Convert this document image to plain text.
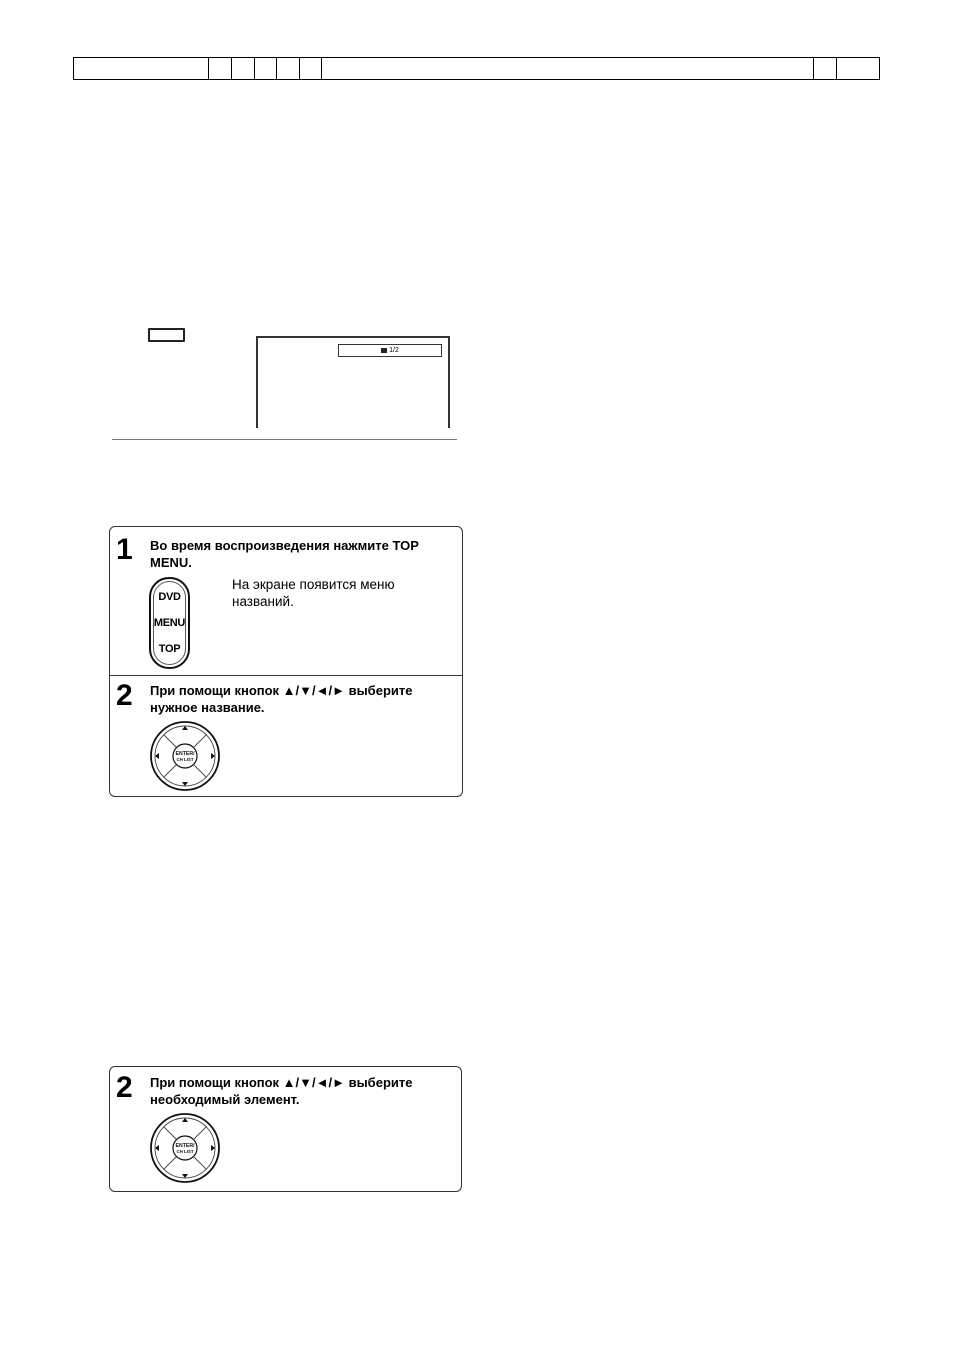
1/2
1 Во время воспроизведения нажмите TOP MENU.
DVD
MENU
TOP
На экране появится меню названий.
2 При помощи кнопок ▲/▼/◄/► выберите нужное название.
ENTER/
CH LIST
2 При помощи кнопок ▲/▼/◄/► выберите необходимый элемент.
ENTER/
CH LIST
